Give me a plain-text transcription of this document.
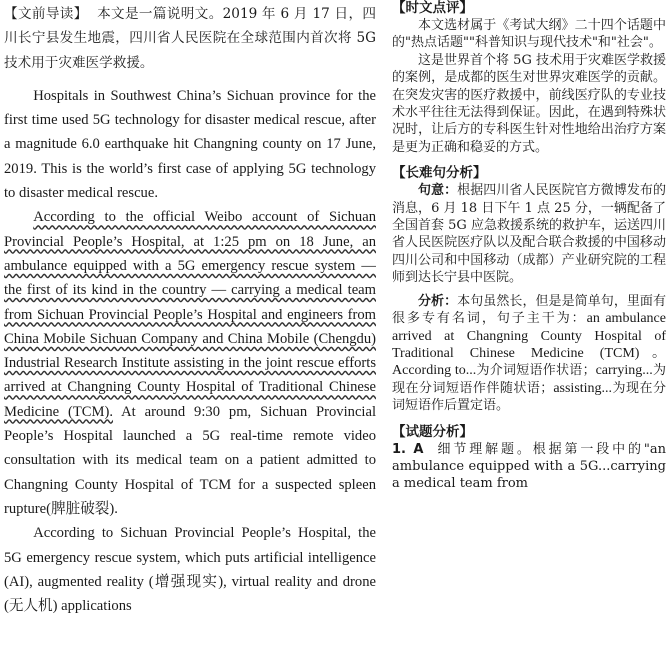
【文前导读】 本文是一篇说明文。2019 年 6 月 17 日，四川长宁县发生地震，四川省人民医院在全球范围内首次将 5G 技术用于灾难医学救援。

Hospitals in Southwest China’s Sichuan province for the first time used 5G technology for disaster medical rescue, after a magnitude 6.0 earthquake hit Changning county on 17 June, 2019. This is the world’s first case of applying 5G technology to disaster medical rescue.

According to the official Weibo account of Sichuan Provincial People’s Hospital, at 1:25 pm on 18 June, an ambulance equipped with a 5G emergency rescue system — the first of its kind in the country — carrying a medical team from Sichuan Provincial People’s Hospital and engineers from China Mobile Sichuan Company and China Mobile (Chengdu) Industrial Research Institute assisting in the joint rescue efforts arrived at Changning County Hospital of Traditional Chinese Medicine (TCM). At around 9:30 pm, Sichuan Provincial People’s Hospital launched a 5G real-time remote video consultation with its medical team on a patient admitted to Changning County Hospital of TCM for a suspected spleen rupture(脾脏破裂).

According to Sichuan Provincial People’s Hospital, the 5G emergency rescue system, which puts artificial intelligence (AI), augmented reality (增强现实), virtual reality and drone (无人机) applications

【时文点评】

本文选材属于《考试大纲》二十四个话题中的"热点话题""科普知识与现代技术"和"社会"。

这是世界首个将 5G 技术用于灾难医学救援的案例，是成都的医生对世界灾难医学的贡献。在突发灾害的医疗救援中，前线医疗队的专业技术水平往往无法得到保证。因此，在遇到特殊状况时，让后方的专科医生针对性地给出治疗方案是更为正确和稳妥的方式。

【长难句分析】

句意：根据四川省人民医院官方微博发布的消息，6 月 18 日下午 1 点 25 分，一辆配备了全国首套 5G 应急救援系统的救护车，运送四川省人民医院医疗队以及配合联合救援的中国移动四川公司和中国移动（成都）产业研究院的工程师到达长宁县中医院。

分析：本句虽然长，但是是简单句，里面有很多专有名词，句子主干为：an ambulance arrived at Changning County Hospital of Traditional Chinese Medicine (TCM)。According to...为介词短语作状语；carrying...为现在分词短语作伴随状语；assisting...为现在分词短语作后置定语。

【试题分析】

1. A 细节理解题。根据第一段中的"an ambulance equipped with a 5G...carrying a medical team from
